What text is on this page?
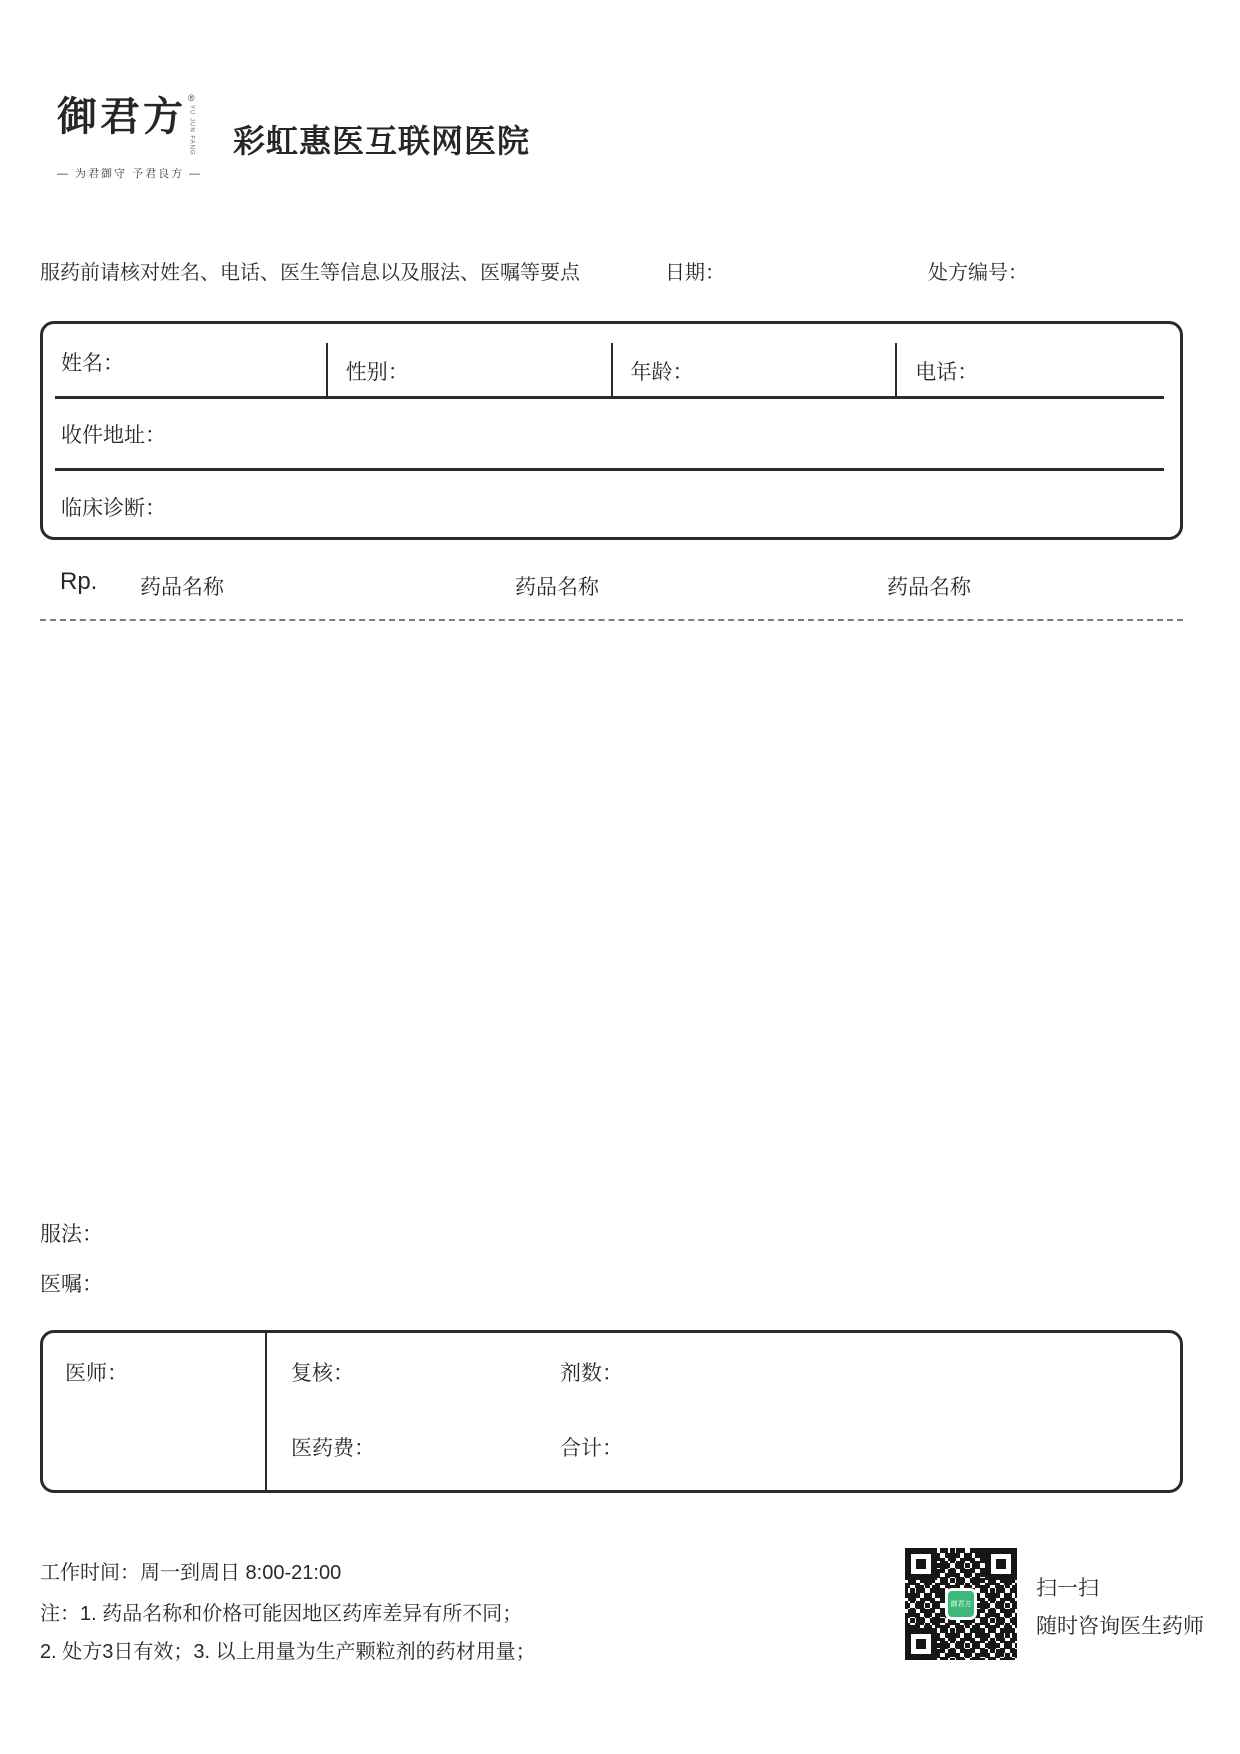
御君方 ®
YU JUN FANG
— 为君御守 予君良方 —
彩虹惠医互联网医院
服药前请核对姓名、电话、医生等信息以及服法、医嘱等要点	日期：	处方编号：
姓名：	性别：	年龄：	电话：
收件地址：
临床诊断：
Rp. 药品名称	药品名称	药品名称
服法：
医嘱：
医师：	复核：	剂数：
医药费：	合计：
工作时间：周一到周日 8:00-21:00
注：1. 药品名称和价格可能因地区药库差异有所不同；
2. 处方3日有效；3. 以上用量为生产颗粒剂的药材用量；
御君方
扫一扫
随时咨询医生药师
